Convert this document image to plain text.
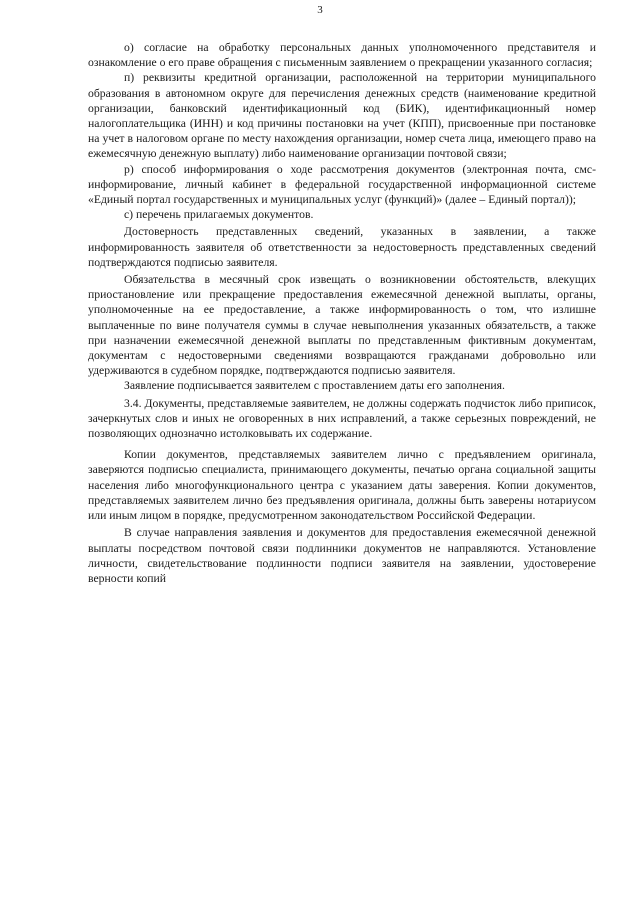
3

о) согласие на обработку персональных данных уполномоченного представителя и ознакомление о его праве обращения с письменным заявлением о прекращении указанного согласия;

п) реквизиты кредитной организации, расположенной на территории муниципального образования в автономном округе для перечисления денежных средств (наименование кредитной организации, банковский идентификационный код (БИК), идентификационный номер налогоплательщика (ИНН) и код причины постановки на учет (КПП), присвоенные при постановке на учет в налоговом органе по месту нахождения организации, номер счета лица, имеющего право на ежемесячную денежную выплату) либо наименование организации почтовой связи;

р) способ информирования о ходе рассмотрения документов (электронная почта, смс-информирование, личный кабинет в федеральной государственной информационной системе «Единый портал государственных и муниципальных услуг (функций)» (далее – Единый портал));

с) перечень прилагаемых документов.

Достоверность представленных сведений, указанных в заявлении, а также информированность заявителя об ответственности за недостоверность представленных сведений подтверждаются подписью заявителя.

Обязательства в месячный срок извещать о возникновении обстоятельств, влекущих приостановление или прекращение предоставления ежемесячной денежной выплаты, органы, уполномоченные на ее предоставление, а также информированность о том, что излишне выплаченные по вине получателя суммы в случае невыполнения указанных обязательств, а также при назначении ежемесячной денежной выплаты по представленным фиктивным документам, документам с недостоверными сведениями возвращаются гражданами добровольно или удерживаются в судебном порядке, подтверждаются подписью заявителя.

Заявление подписывается заявителем с проставлением даты его заполнения.

3.4. Документы, представляемые заявителем, не должны содержать подчисток либо приписок, зачеркнутых слов и иных не оговоренных в них исправлений, а также серьезных повреждений, не позволяющих однозначно истолковывать их содержание.

Копии документов, представляемых заявителем лично с предъявлением оригинала, заверяются подписью специалиста, принимающего документы, печатью органа социальной защиты населения либо многофункционального центра с указанием даты заверения. Копии документов, представляемых заявителем лично без предъявления оригинала, должны быть заверены нотариусом или иным лицом в порядке, предусмотренном законодательством Российской Федерации.

В случае направления заявления и документов для предоставления ежемесячной денежной выплаты посредством почтовой связи подлинники документов не направляются. Установление личности, свидетельствование подлинности подписи заявителя на заявлении, удостоверение верности копий
